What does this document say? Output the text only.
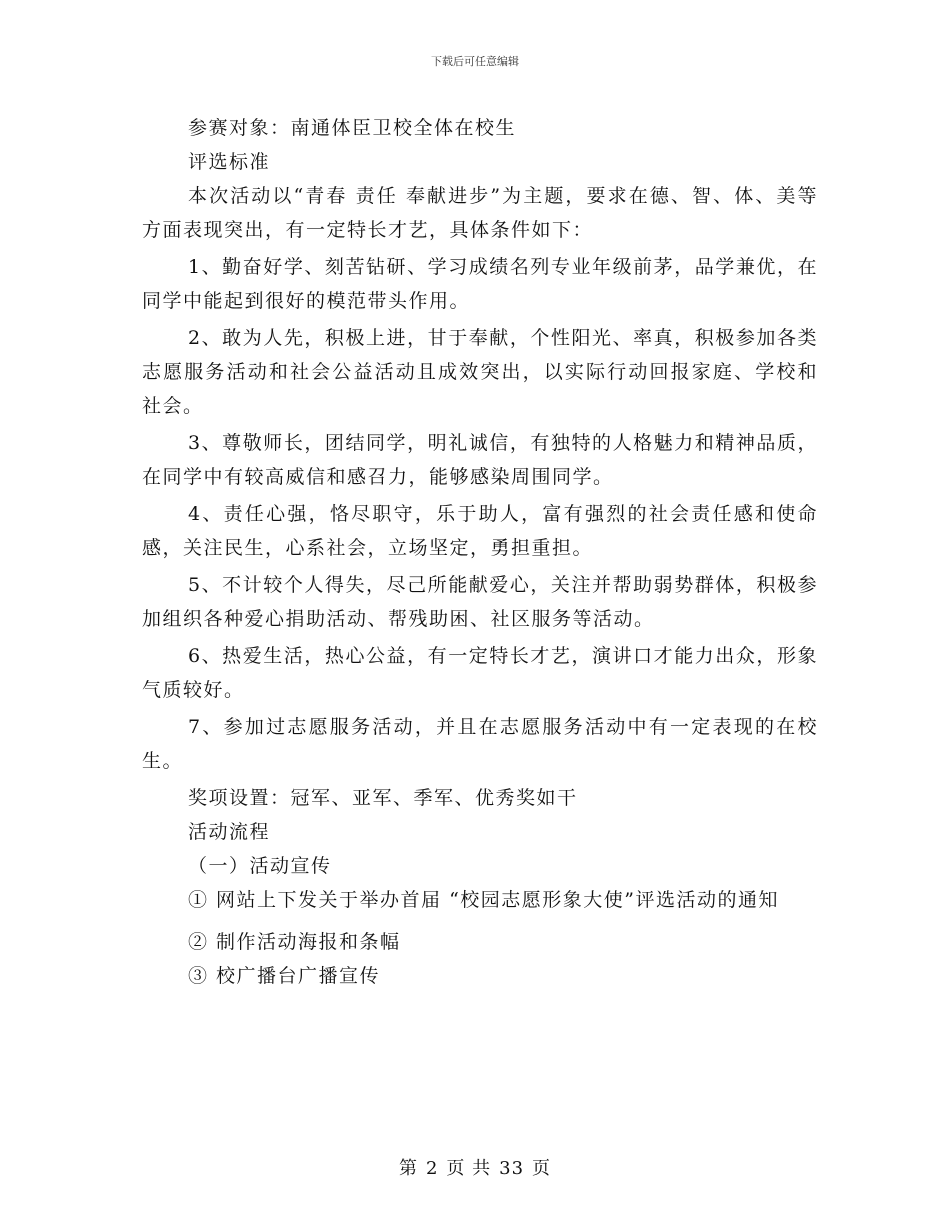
下载后可任意编辑

参赛对象：南通体臣卫校全体在校生

评选标准

本次活动以“青春 责任 奉献进步”为主题，要求在德、智、体、美等方面表现突出，有一定特长才艺，具体条件如下：

1、勤奋好学、刻苦钻研、学习成绩名列专业年级前茅，品学兼优，在同学中能起到很好的模范带头作用。

2、敢为人先，积极上进，甘于奉献，个性阳光、率真，积极参加各类志愿服务活动和社会公益活动且成效突出，以实际行动回报家庭、学校和社会。

3、尊敬师长，团结同学，明礼诚信，有独特的人格魅力和精神品质，在同学中有较高威信和感召力，能够感染周围同学。

4、责任心强，恪尽职守，乐于助人，富有强烈的社会责任感和使命感，关注民生，心系社会，立场坚定，勇担重担。

5、不计较个人得失，尽己所能献爱心，关注并帮助弱势群体，积极参加组织各种爱心捐助活动、帮残助困、社区服务等活动。

6、热爱生活，热心公益，有一定特长才艺，演讲口才能力出众，形象气质较好。

7、参加过志愿服务活动，并且在志愿服务活动中有一定表现的在校生。

奖项设置：冠军、亚军、季军、优秀奖如干

活动流程

（一）活动宣传

① 网站上下发关于举办首届 “校园志愿形象大使”评选活动的通知

② 制作活动海报和条幅

③ 校广播台广播宣传

第 2 页 共 33 页
